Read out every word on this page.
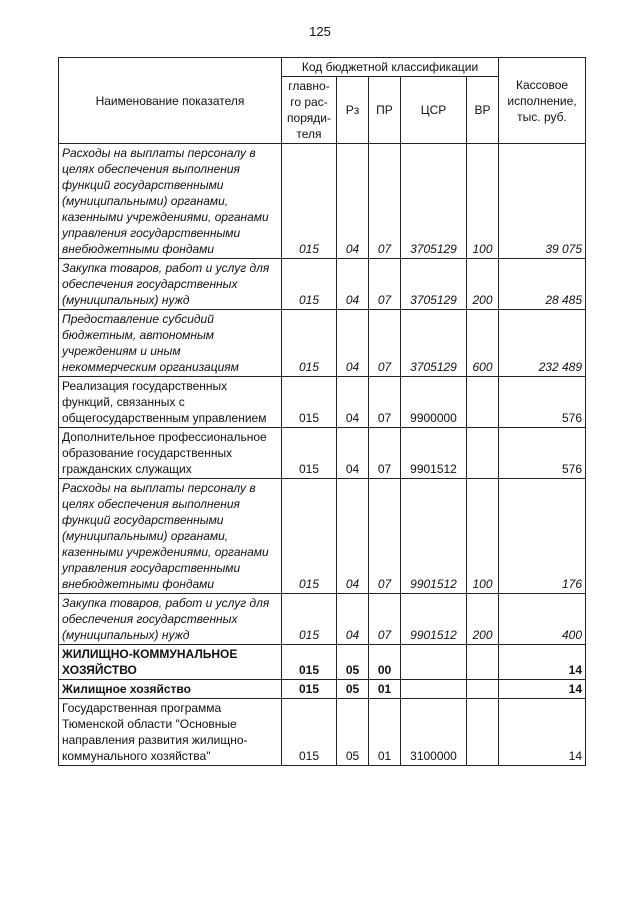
125
Наименование показателя	Код бюджетной классификации					Кассовое исполнение, тыс. руб.
	главно-го рас-поряди-теля	Рз	ПР	ЦСР	ВР	
Расходы на выплаты персоналу в целях обеспечения выполнения функций государственными (муниципальными) органами, казенными учреждениями, органами управления государственными внебюджетными фондами	015	04	07	3705129	100	39 075
Закупка товаров, работ и услуг для обеспечения государственных (муниципальных) нужд	015	04	07	3705129	200	28 485
Предоставление субсидий бюджетным, автономным учреждениям и иным некоммерческим организациям	015	04	07	3705129	600	232 489
Реализация государственных функций, связанных с общегосударственным управлением	015	04	07	9900000		576
Дополнительное профессиональное образование государственных гражданских служащих	015	04	07	9901512		576
Расходы на выплаты персоналу в целях обеспечения выполнения функций государственными (муниципальными) органами, казенными учреждениями, органами управления государственными внебюджетными фондами	015	04	07	9901512	100	176
Закупка товаров, работ и услуг для обеспечения государственных (муниципальных) нужд	015	04	07	9901512	200	400
ЖИЛИЩНО-КОММУНАЛЬНОЕ ХОЗЯЙСТВО	015	05	00			14
Жилищное хозяйство	015	05	01			14
Государственная программа Тюменской области "Основные направления развития жилищно-коммунального хозяйства"	015	05	01	3100000		14
